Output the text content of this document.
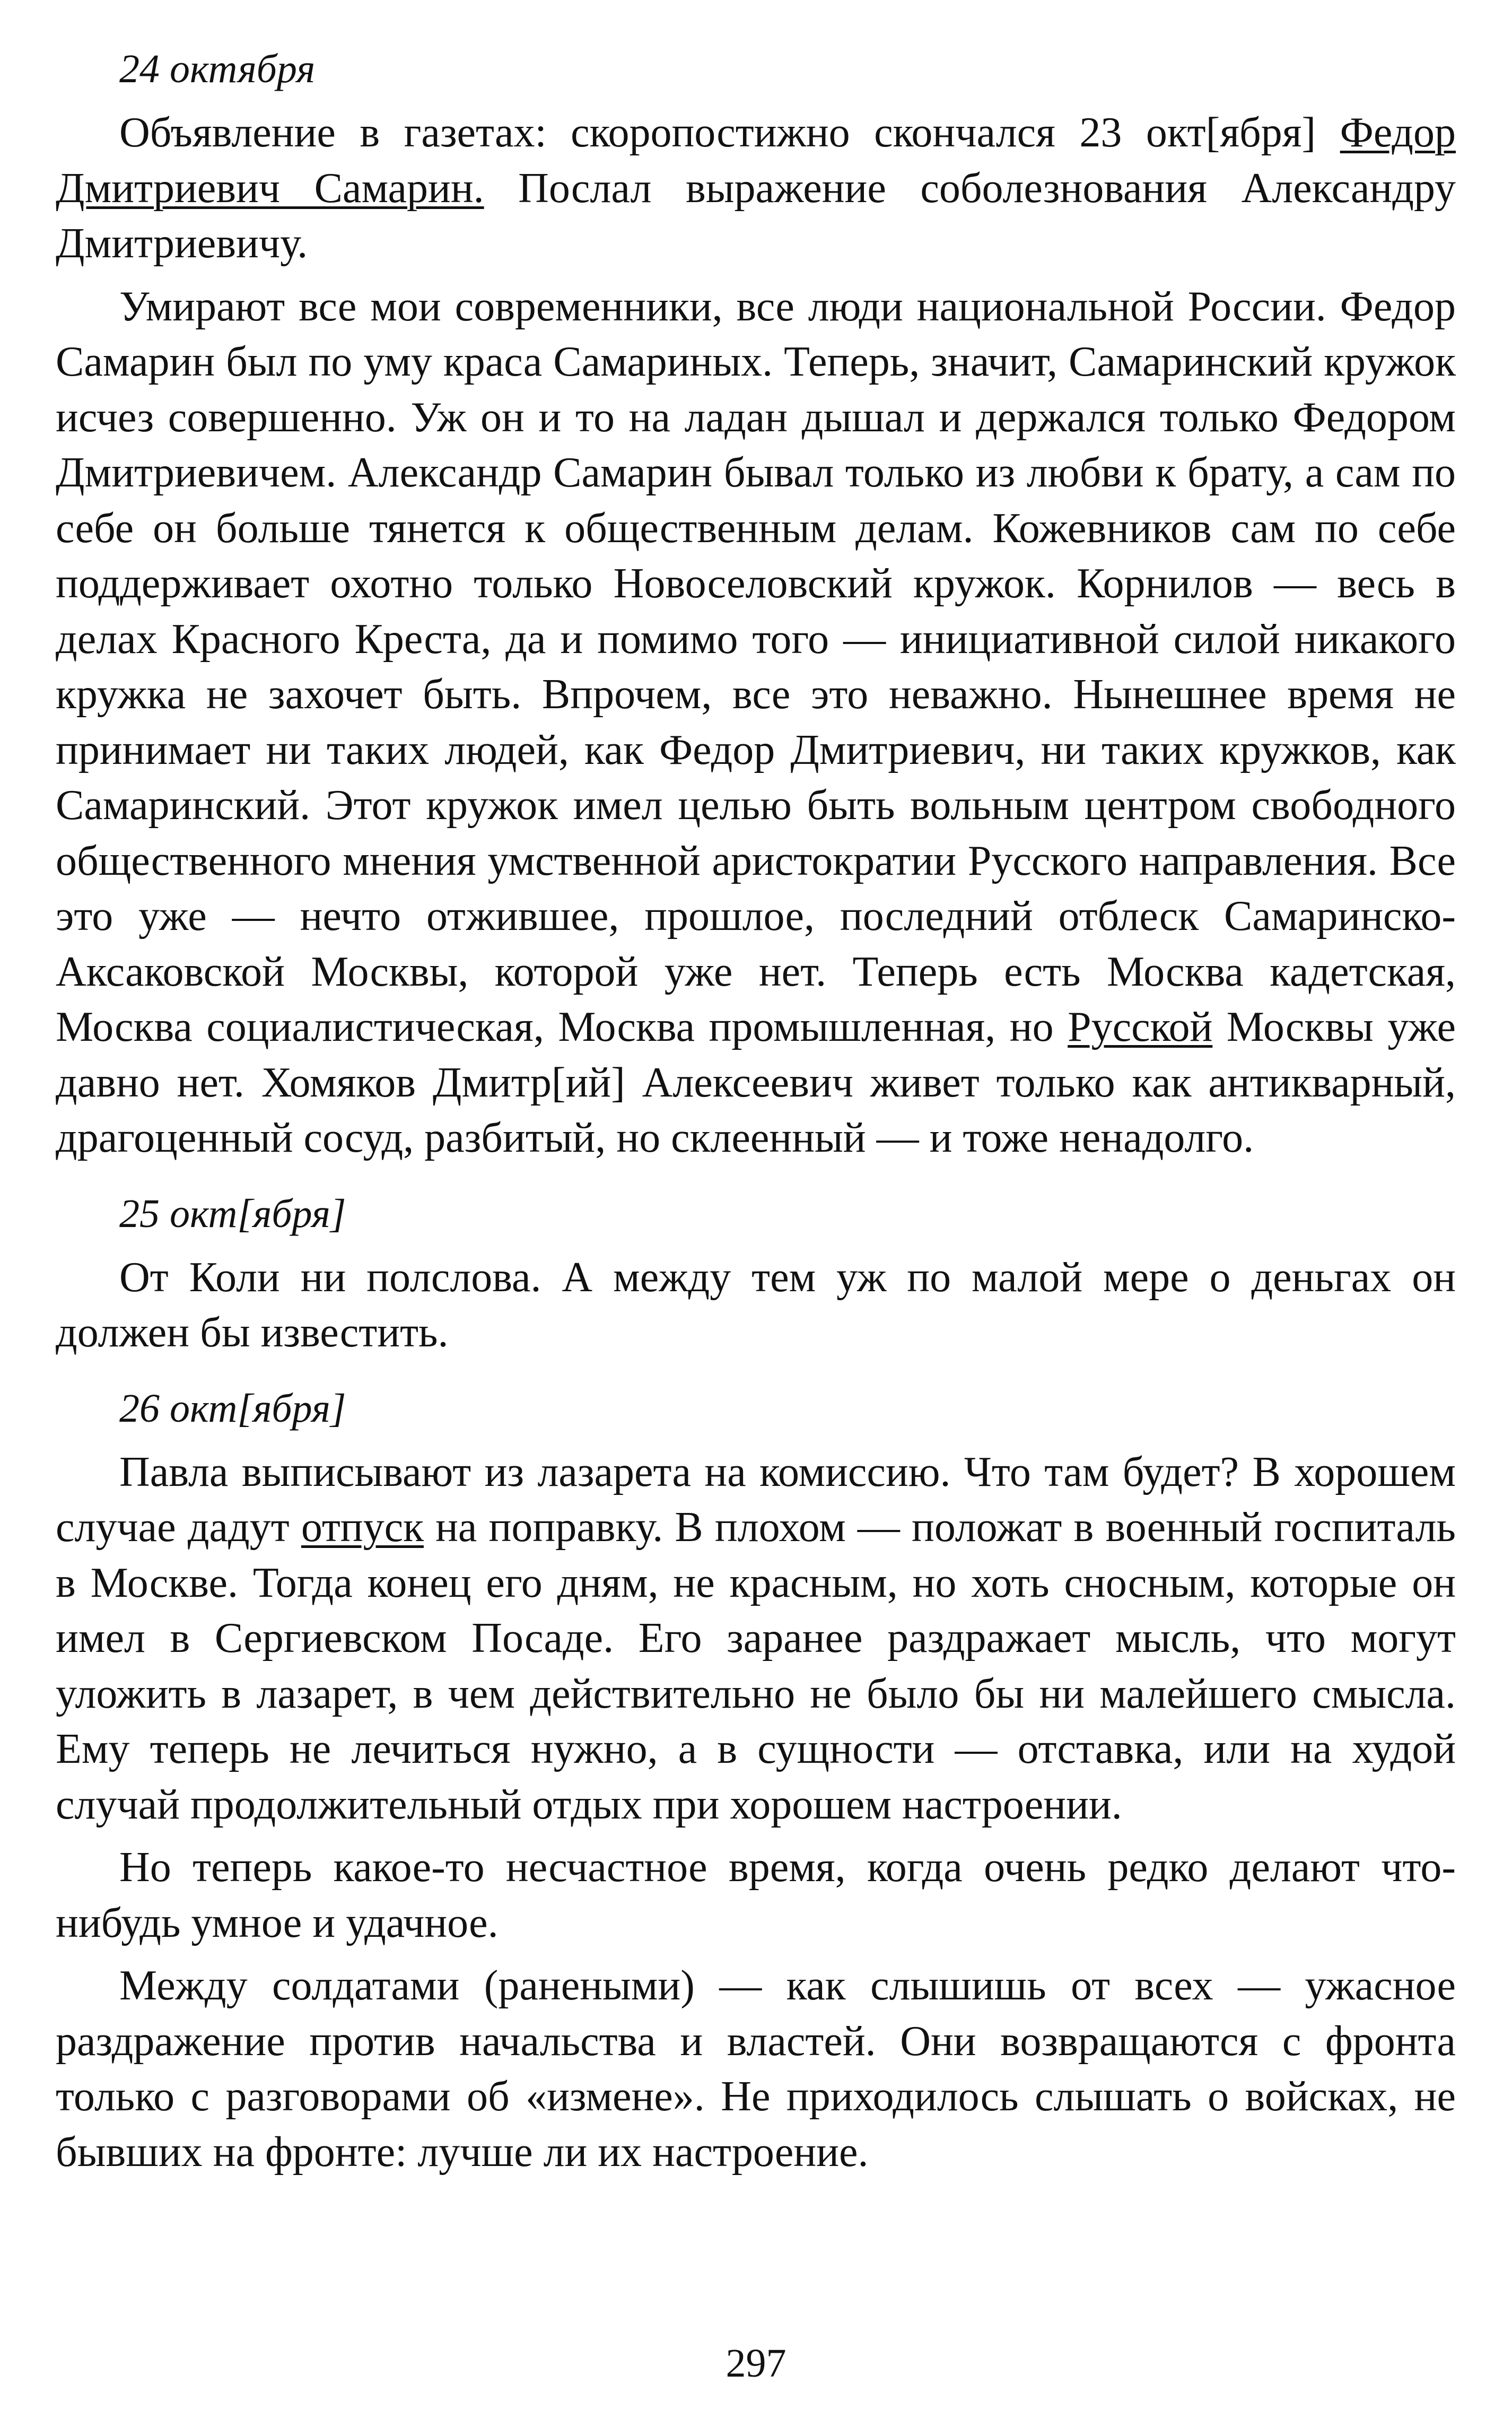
24 октября

Объявление в газетах: скоропостижно скончался 23 окт[ября] Федор Дмитриевич Самарин. Послал выражение соболезнования Александру Дмитриевичу.

Умирают все мои современники, все люди национальной России. Федор Самарин был по уму краса Самариных. Теперь, значит, Самаринский кружок исчез совершенно. Уж он и то на ладан дышал и держался только Федором Дмитриевичем. Александр Самарин бывал только из любви к брату, а сам по себе он больше тянется к общественным делам. Кожевников сам по себе поддерживает охотно только Новоселовский кружок. Корнилов — весь в делах Красного Креста, да и помимо того — инициативной силой никакого кружка не захочет быть. Впрочем, все это неважно. Нынешнее время не принимает ни таких людей, как Федор Дмитриевич, ни таких кружков, как Самаринский. Этот кружок имел целью быть вольным центром свободного общественного мнения умственной аристократии Русского направления. Все это уже — нечто отжившее, прошлое, последний отблеск Самаринско-Аксаковской Москвы, которой уже нет. Теперь есть Москва кадетская, Москва социалистическая, Москва промышленная, но Русской Москвы уже давно нет. Хомяков Дмитр[ий] Алексеевич живет только как антикварный, драгоценный сосуд, разбитый, но склеенный — и тоже ненадолго.

25 окт[ября]

От Коли ни полслова. А между тем уж по малой мере о деньгах он должен бы известить.

26 окт[ября]

Павла выписывают из лазарета на комиссию. Что там будет? В хорошем случае дадут отпуск на поправку. В плохом — положат в военный госпиталь в Москве. Тогда конец его дням, не красным, но хоть сносным, которые он имел в Сергиевском Посаде. Его заранее раздражает мысль, что могут уложить в лазарет, в чем действительно не было бы ни малейшего смысла. Ему теперь не лечиться нужно, а в сущности — отставка, или на худой случай продолжительный отдых при хорошем настроении.

Но теперь какое-то несчастное время, когда очень редко делают что-нибудь умное и удачное.

Между солдатами (ранеными) — как слышишь от всех — ужасное раздражение против начальства и властей. Они возвращаются с фронта только с разговорами об «измене». Не приходилось слышать о войсках, не бывших на фронте: лучше ли их настроение.

297
